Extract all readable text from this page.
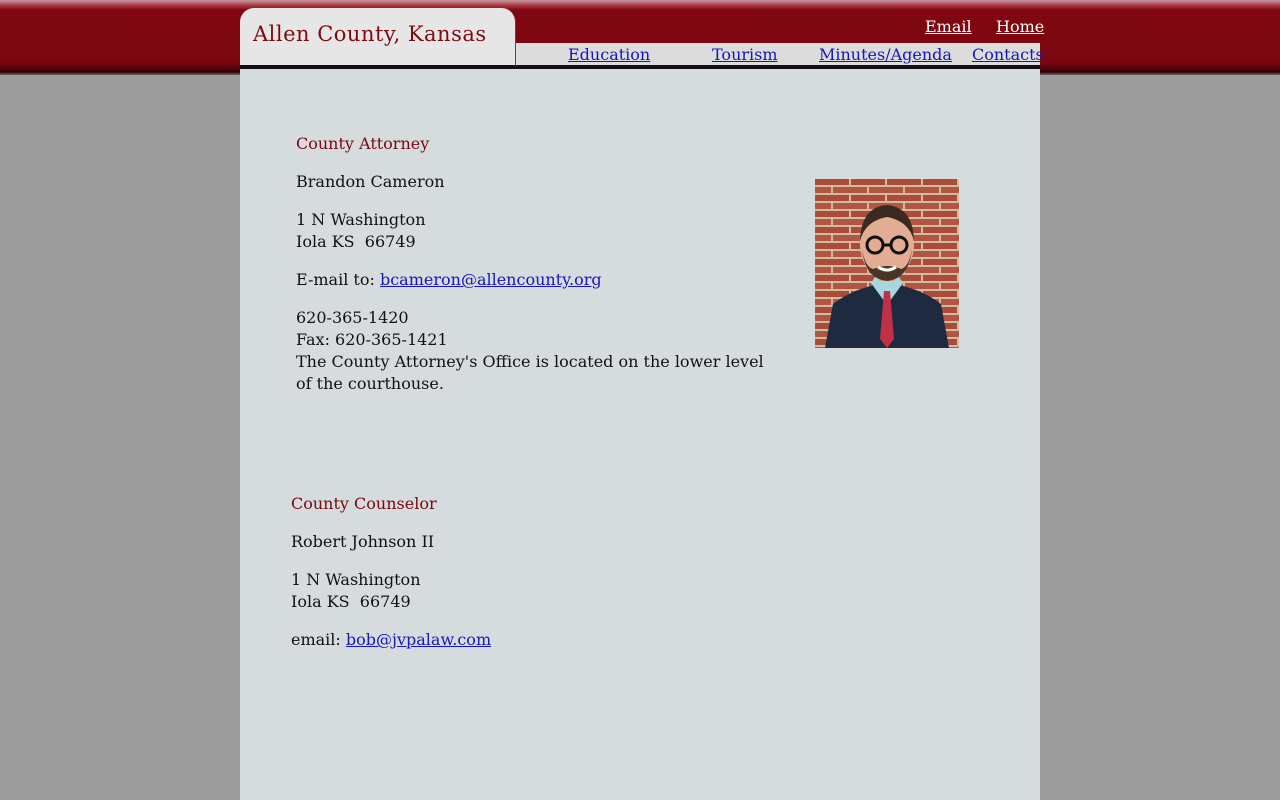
Allen County, Kansas	Email Home
Education	Tourism	Minutes/Agenda Contacts

County Attorney

Brandon Cameron

1 N Washington
Iola KS  66749

E-mail to: bcameron@allencounty.org

620-365-1420
Fax: 620-365-1421
The County Attorney's Office is located on the lower level of the courthouse.

County Counselor

Robert Johnson II

1 N Washington
Iola KS  66749

email: bob@jvpalaw.com
